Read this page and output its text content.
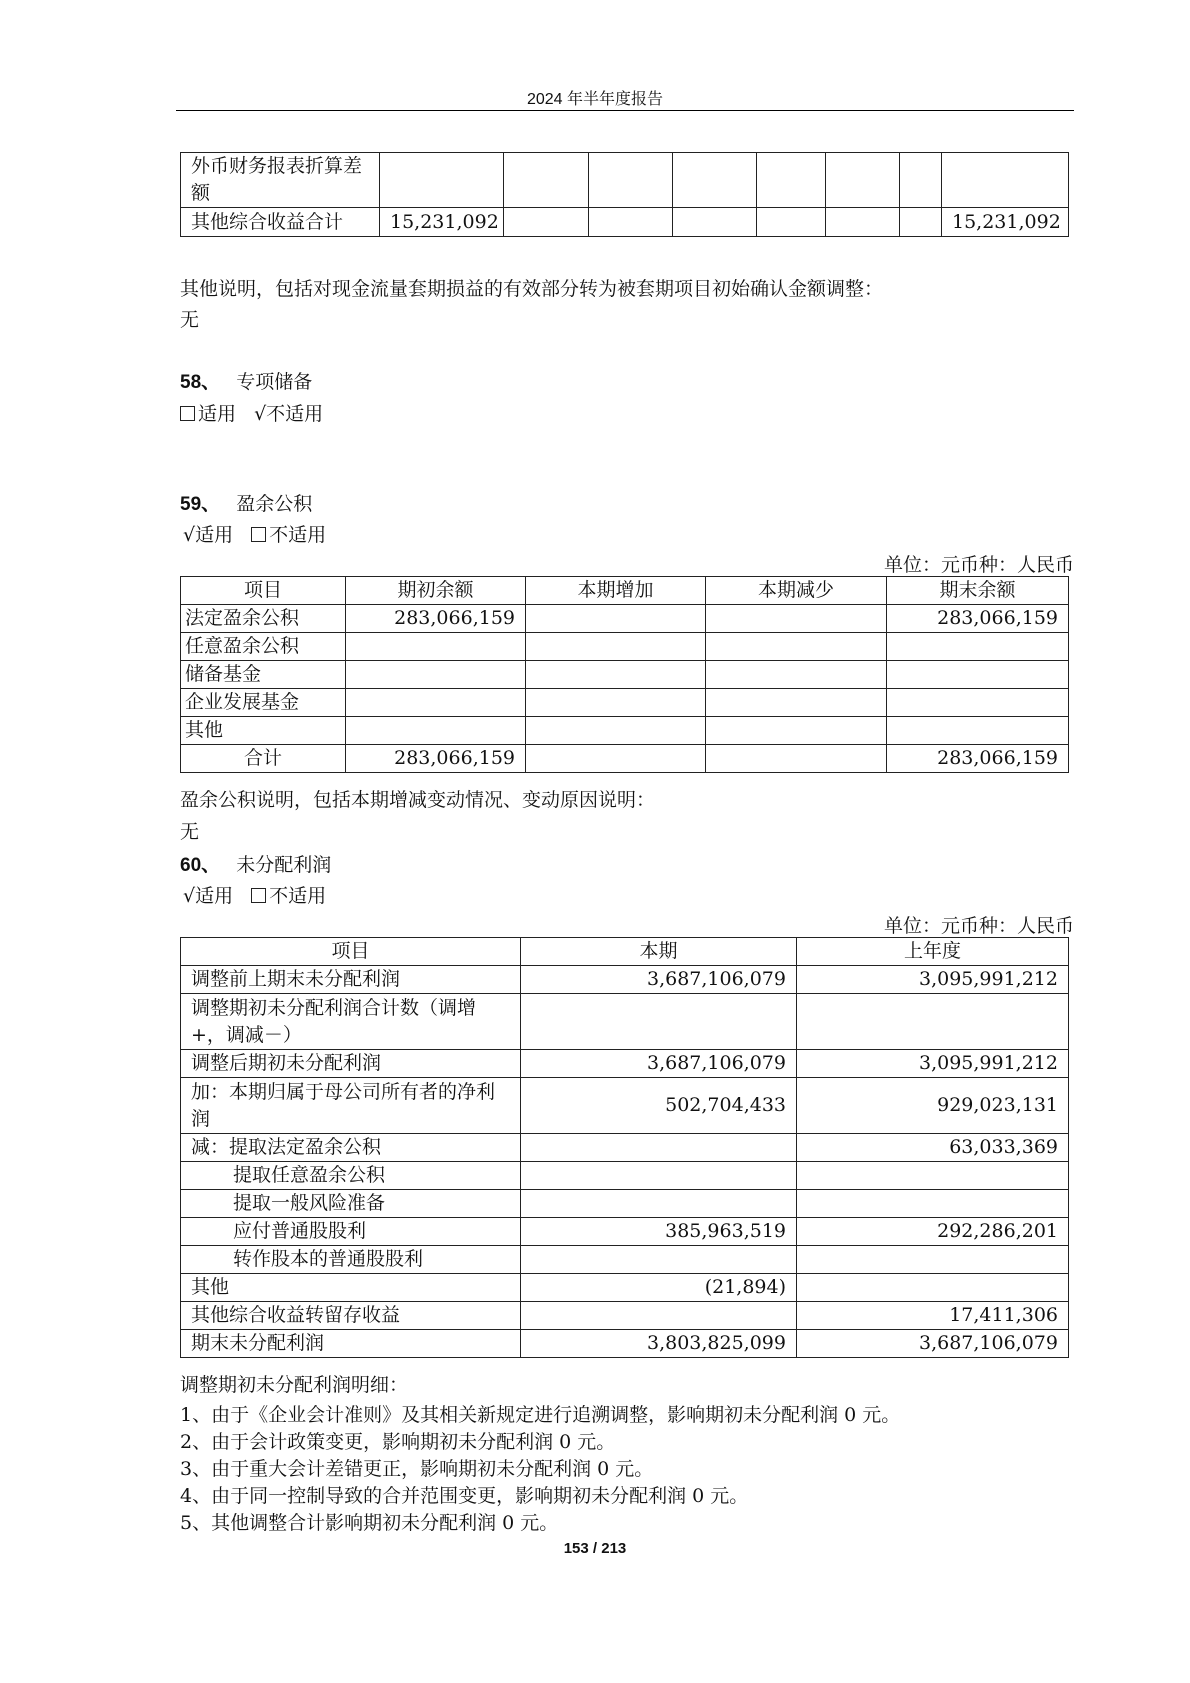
2024 年半年度报告
外币财务报表折算差额								
其他综合收益合计	15,231,092							15,231,092
其他说明，包括对现金流量套期损益的有效部分转为被套期项目初始确认金额调整：
无
58、 专项储备
适用 √不适用
59、 盈余公积
√适用 不适用
单位：元币种：人民币
项目	期初余额	本期增加	本期减少	期末余额
法定盈余公积	283,066,159			283,066,159
任意盈余公积				
储备基金				
企业发展基金				
其他				
合计	283,066,159			283,066,159
盈余公积说明，包括本期增减变动情况、变动原因说明：
无
60、 未分配利润
√适用 不适用
单位：元币种：人民币
项目	本期	上年度
调整前上期末未分配利润	3,687,106,079	3,095,991,212
调整期初未分配利润合计数（调增+，调减－）		
调整后期初未分配利润	3,687,106,079	3,095,991,212
加：本期归属于母公司所有者的净利润	502,704,433	929,023,131
减：提取法定盈余公积		63,033,369
提取任意盈余公积		
提取一般风险准备		
应付普通股股利	385,963,519	292,286,201
转作股本的普通股股利		
其他	(21,894)	
其他综合收益转留存收益		17,411,306
期末未分配利润	3,803,825,099	3,687,106,079
调整期初未分配利润明细：
1、由于《企业会计准则》及其相关新规定进行追溯调整，影响期初未分配利润 0 元。
2、由于会计政策变更，影响期初未分配利润 0 元。
3、由于重大会计差错更正，影响期初未分配利润 0 元。
4、由于同一控制导致的合并范围变更，影响期初未分配利润 0 元。
5、其他调整合计影响期初未分配利润 0 元。
153 / 213
